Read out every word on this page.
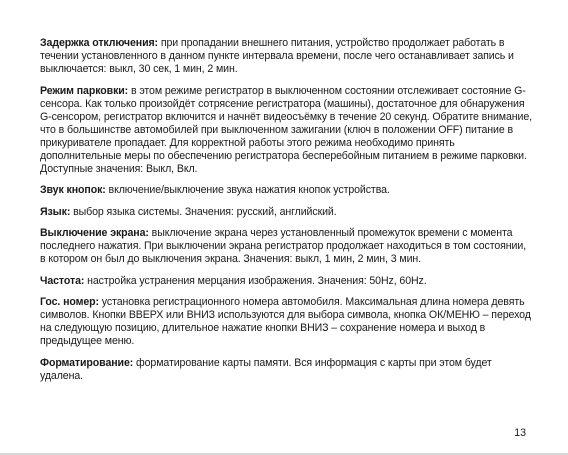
Задержка отключения: при пропадании внешнего питания, устройство продолжает работать в течении установленного в данном пункте интервала времени, после чего останавливает запись и выключается: выкл, 30 сек, 1 мин, 2 мин.

Режим парковки: в этом режиме регистратор в выключенном состоянии отслеживает состояние G-сенсора. Как только произойдёт сотрясение регистратора (машины), достаточное для обнаружения G-сенсором, регистратор включится и начнёт видеосъёмку в течение 20 секунд. Обратите внимание, что в большинстве автомобилей при выключенном зажигании (ключ в положении OFF) питание в прикуривателе пропадает. Для корректной работы этого режима необходимо принять дополнительные меры по обеспечению регистратора бесперебойным питанием в режиме парковки. Доступные значения: Выкл, Вкл.

Звук кнопок: включение/выключение звука нажатия кнопок устройства.

Язык: выбор языка системы. Значения: русский, английский.

Выключение экрана: выключение экрана через установленный промежуток времени с момента последнего нажатия. При выключении экрана регистратор продолжает находиться в том состоянии, в котором он был до выключения экрана. Значения: выкл, 1 мин, 2 мин, 3 мин.

Частота: настройка устранения мерцания изображения. Значения: 50Hz, 60Hz.

Гос. номер: установка регистрационного номера автомобиля. Максимальная длина номера девять символов. Кнопки ВВЕРХ или ВНИЗ используются для выбора символа, кнопка ОК/МЕНЮ – переход на следующую позицию, длительное нажатие кнопки ВНИЗ – сохранение номера и выход в предыдущее меню.

Форматирование: форматирование карты памяти. Вся информация с карты при этом будет удалена.

13
